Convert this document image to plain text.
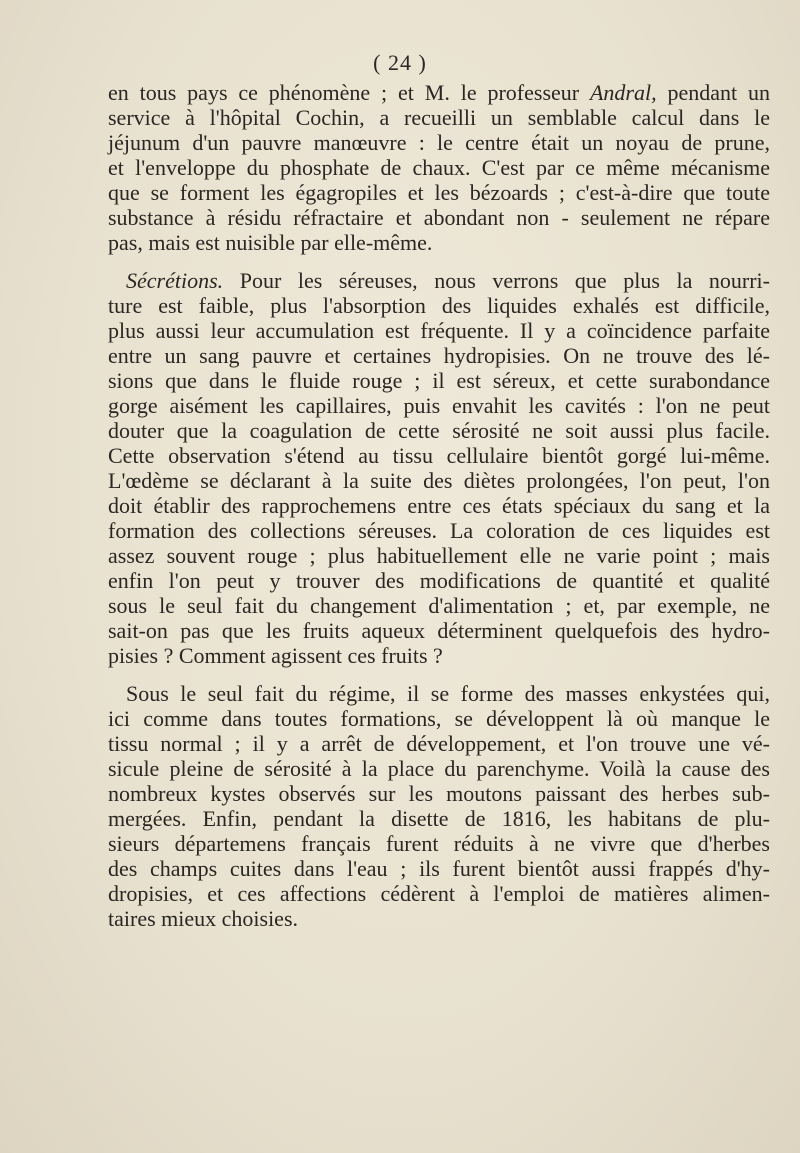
( 24 )
en tous pays ce phénomène ; et M. le professeur Andral, pendant un
service à l'hôpital Cochin, a recueilli un semblable calcul dans le
jéjunum d'un pauvre manœuvre : le centre était un noyau de prune,
et l'enveloppe du phosphate de chaux. C'est par ce même mécanisme
que se forment les égagropiles et les bézoards ; c'est-à-dire que toute
substance à résidu réfractaire et abondant non - seulement ne répare
pas, mais est nuisible par elle-même.
Sécrétions. Pour les séreuses, nous verrons que plus la nourri-
ture est faible, plus l'absorption des liquides exhalés est difficile,
plus aussi leur accumulation est fréquente. Il y a coïncidence parfaite
entre un sang pauvre et certaines hydropisies. On ne trouve des lé-
sions que dans le fluide rouge ; il est séreux, et cette surabondance
gorge aisément les capillaires, puis envahit les cavités : l'on ne peut
douter que la coagulation de cette sérosité ne soit aussi plus facile.
Cette observation s'étend au tissu cellulaire bientôt gorgé lui-même.
L'œdème se déclarant à la suite des diètes prolongées, l'on peut, l'on
doit établir des rapprochemens entre ces états spéciaux du sang et la
formation des collections séreuses. La coloration de ces liquides est
assez souvent rouge ; plus habituellement elle ne varie point ; mais
enfin l'on peut y trouver des modifications de quantité et qualité
sous le seul fait du changement d'alimentation ; et, par exemple, ne
sait-on pas que les fruits aqueux déterminent quelquefois des hydro-
pisies ? Comment agissent ces fruits ?
Sous le seul fait du régime, il se forme des masses enkystées qui,
ici comme dans toutes formations, se développent là où manque le
tissu normal ; il y a arrêt de développement, et l'on trouve une vé-
sicule pleine de sérosité à la place du parenchyme. Voilà la cause des
nombreux kystes observés sur les moutons paissant des herbes sub-
mergées. Enfin, pendant la disette de 1816, les habitans de plu-
sieurs départemens français furent réduits à ne vivre que d'herbes
des champs cuites dans l'eau ; ils furent bientôt aussi frappés d'hy-
dropisies, et ces affections cédèrent à l'emploi de matières alimen-
taires mieux choisies.
